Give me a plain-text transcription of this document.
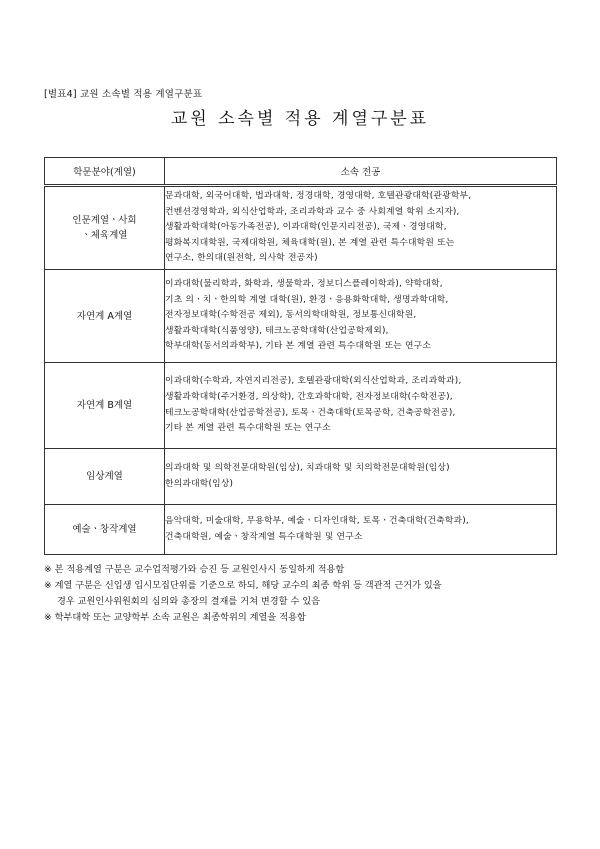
[별표4] 교원 소속별 적용 계열구분표
교원 소속별 적용 계열구분표
학문분야(계열)	소속 전공

인문계열ㆍ사회
ㆍ체육계열	문과대학, 외국어대학, 법과대학, 정경대학, 경영대학, 호텔관광대학(관광학부,
컨벤션경영학과, 외식산업학과, 조리과학과 교수 중 사회계열 학위 소지자),
생활과학대학(아동가족전공), 이과대학(인문지리전공), 국제ㆍ경영대학,
평화복지대학원, 국제대학원, 체육대학(원), 본 계열 관련 특수대학원 또는
연구소, 한의대(원전학, 의사학 전공자)

자연계 A계열	이과대학(물리학과, 화학과, 생물학과, 정보디스플레이학과), 약학대학,
기초 의ㆍ치ㆍ한의학 계열 대학(원), 환경ㆍ응용화학대학, 생명과학대학,
전자정보대학(수학전공 제외), 동서의학대학원, 정보통신대학원,
생활과학대학(식품영양), 테크노공학대학(산업공학제외),
학부대학(동서의과학부), 기타 본 계열 관련 특수대학원 또는 연구소

자연계 B계열	이과대학(수학과, 자연지리전공), 호텔관광대학(외식산업학과, 조리과학과),
생활과학대학(주거환경, 의상학), 간호과학대학, 전자정보대학(수학전공),
테크노공학대학(산업공학전공), 토목ㆍ건축대학(토목공학, 건축공학전공),
기타 본 계열 관련 특수대학원 또는 연구소

임상계열	의과대학 및 의학전문대학원(임상), 치과대학 및 치의학전문대학원(임상)
한의과대학(임상)

예술ㆍ창작계열	음악대학, 미술대학, 무용학부, 예술ㆍ디자인대학, 토목ㆍ건축대학(건축학과),
건축대학원, 예술ㆍ창작계열 특수대학원 및 연구소
※ 본 적용계열 구분은 교수업적평가와 승진 등 교원인사시 동일하게 적용함
※ 계열 구분은 신입생 입시모집단위를 기준으로 하되, 해당 교수의 최종 학위 등 객관적 근거가 있을
경우 교원인사위원회의 심의와 총장의 결재를 거쳐 변경할 수 있음
※ 학부대학 또는 교양학부 소속 교원은 최종학위의 계열을 적용함
